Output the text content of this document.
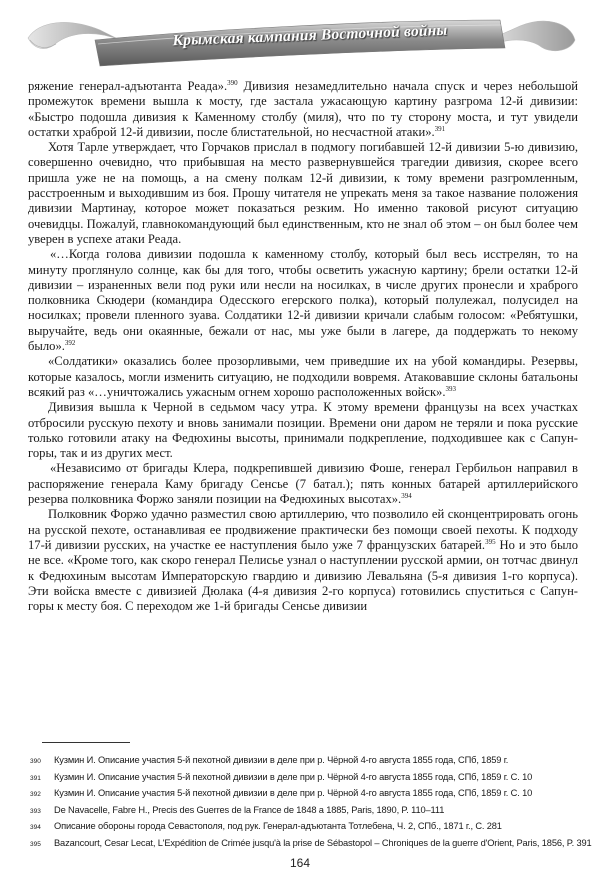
Крымская кампания Восточной войны

ряжение генерал-адъютанта Реада».$^{390}$ Дивизия незамедлительно начала спуск и через небольшой промежуток времени вышла к мосту, где застала ужасающую картину разгрома 12-й дивизии: «Быстро подошла дивизия к Каменному столбу (миля), что по ту сторону моста, и тут увидели остатки храброй 12-й дивизии, после блистательной, но несчастной атаки».$^{391}$

Хотя Тарле утверждает, что Горчаков прислал в подмогу погибавшей 12-й дивизии 5-ю дивизию, совершенно очевидно, что прибывшая на место развернувшейся трагедии дивизия, скорее всего пришла уже не на помощь, а на смену полкам 12-й дивизии, к тому времени разгромленным, расстроенным и выходившим из боя. Прошу читателя не упрекать меня за такое название положения дивизии Мартинау, которое может показаться резким. Но именно таковой рисуют ситуацию очевидцы. Пожалуй, главнокомандующий был единственным, кто не знал об этом – он был более чем уверен в успехе атаки Реада.

«…Когда голова дивизии подошла к каменному столбу, который был весь исстрелян, то на минуту проглянуло солнце, как бы для того, чтобы осветить ужасную картину; брели остатки 12-й дивизии – израненных вели под руки или несли на носилках, в числе других пронесли и храброго полковника Скюдери (командира Одесского егерского полка), который полулежал, полусидел на носилках; провели пленного зуава. Солдатики 12-й дивизии кричали слабым голосом: «Ребятушки, выручайте, ведь они окаянные, бежали от нас, мы уже были в лагере, да поддержать то некому было».$^{392}$

«Солдатики» оказались более прозорливыми, чем приведшие их на убой командиры. Резервы, которые казалось, могли изменить ситуацию, не подходили вовремя. Атаковавшие склоны батальоны всякий раз «…уничтожались ужасным огнем хорошо расположенных войск».$^{393}$

Дивизия вышла к Черной в седьмом часу утра. К этому времени французы на всех участках отбросили русскую пехоту и вновь занимали позиции. Времени они даром не теряли и пока русские только готовили атаку на Федюхины высоты, принимали подкрепление, подходившее как с Сапун-горы, так и из других мест.

«Независимо от бригады Клера, подкрепившей дивизию Фоше, генерал Гербильон направил в распоряжение генерала Каму бригаду Сенсье (7 батал.); пять конных батарей артиллерийского резерва полковника Форжо заняли позиции на Федюхиных высотах».$^{394}$

Полковник Форжо удачно разместил свою артиллерию, что позволило ей сконцентрировать огонь на русской пехоте, останавливая ее продвижение практически без помощи своей пехоты. К подходу 17-й дивизии русских, на участке ее наступления было уже 7 французских батарей.$^{395}$ Но и это было не все. «Кроме того, как скоро генерал Пелисье узнал о наступлении русской армии, он тотчас двинул к Федюхиным высотам Императорскую гвардию и дивизию Левальяна (5-я дивизия 1-го корпуса). Эти войска вместе с дивизией Дюлака (4-я дивизия 2-го корпуса) готовились спуститься с Сапун-горы к месту боя. С переходом же 1-й бригады Сенсье дивизии

390	Кузмин И. Описание участия 5-й пехотной дивизии в деле при р. Чёрной 4-го августа 1855 года, СПб, 1859 г.
391	Кузмин И. Описание участия 5-й пехотной дивизии в деле при р. Чёрной 4-го августа 1855 года, СПб, 1859 г. С. 10
392	Кузмин И. Описание участия 5-й пехотной дивизии в деле при р. Чёрной 4-го августа 1855 года, СПб, 1859 г. С. 10
393	De Navacelle, Fabre H., Precis des Guerres de la France de 1848 a 1885, Paris, 1890, P. 110–111
394	Описание обороны города Севастополя, под рук. Генерал-адъютанта Тотлебена, Ч. 2, СПб., 1871 г., С. 281
395	Bazancourt, Cesar Lecat, L'Expédition de Crimée jusqu'à la prise de Sébastopol – Chroniques de la guerre d'Orient, Paris, 1856, P. 391
164
